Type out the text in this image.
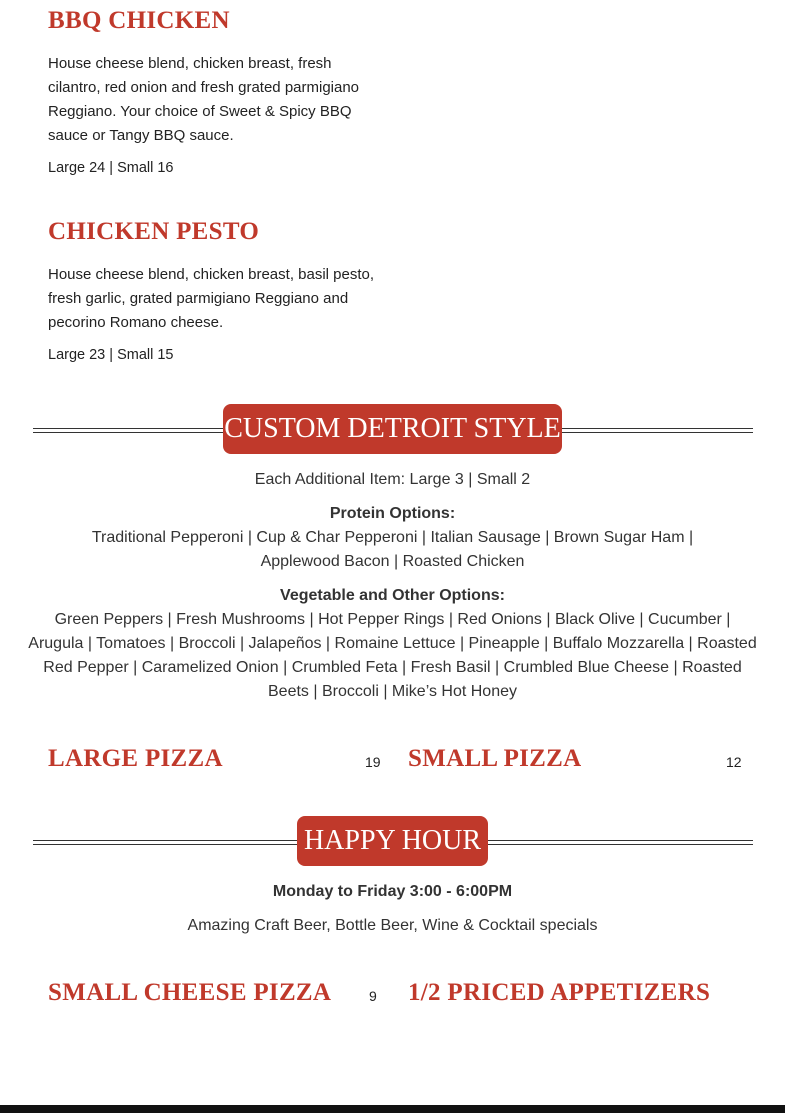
BBQ CHICKEN

House cheese blend, chicken breast, fresh cilantro, red onion and fresh grated parmigiano Reggiano. Your choice of Sweet & Spicy BBQ sauce or Tangy BBQ sauce.

Large 24 | Small 16

CHICKEN PESTO

House cheese blend, chicken breast, basil pesto, fresh garlic, grated parmigiano Reggiano and pecorino Romano cheese.

Large 23 | Small 15

CUSTOM DETROIT STYLE

Each Additional Item: Large 3 | Small 2

Protein Options:

Traditional Pepperoni | Cup & Char Pepperoni | Italian Sausage | Brown Sugar Ham | Applewood Bacon | Roasted Chicken

Vegetable and Other Options:

Green Peppers | Fresh Mushrooms | Hot Pepper Rings | Red Onions | Black Olive | Cucumber | Arugula | Tomatoes | Broccoli | Jalapeños | Romaine Lettuce | Pineapple | Buffalo Mozzarella | Roasted Red Pepper | Caramelized Onion | Crumbled Feta | Fresh Basil | Crumbled Blue Cheese | Roasted Beets | Broccoli | Mike’s Hot Honey

LARGE PIZZA	19 SMALL PIZZA	12
HAPPY HOUR

Monday to Friday 3:00 - 6:00PM

Amazing Craft Beer, Bottle Beer, Wine & Cocktail specials

SMALL CHEESE PIZZA	9 1/2 PRICED APPETIZERS
